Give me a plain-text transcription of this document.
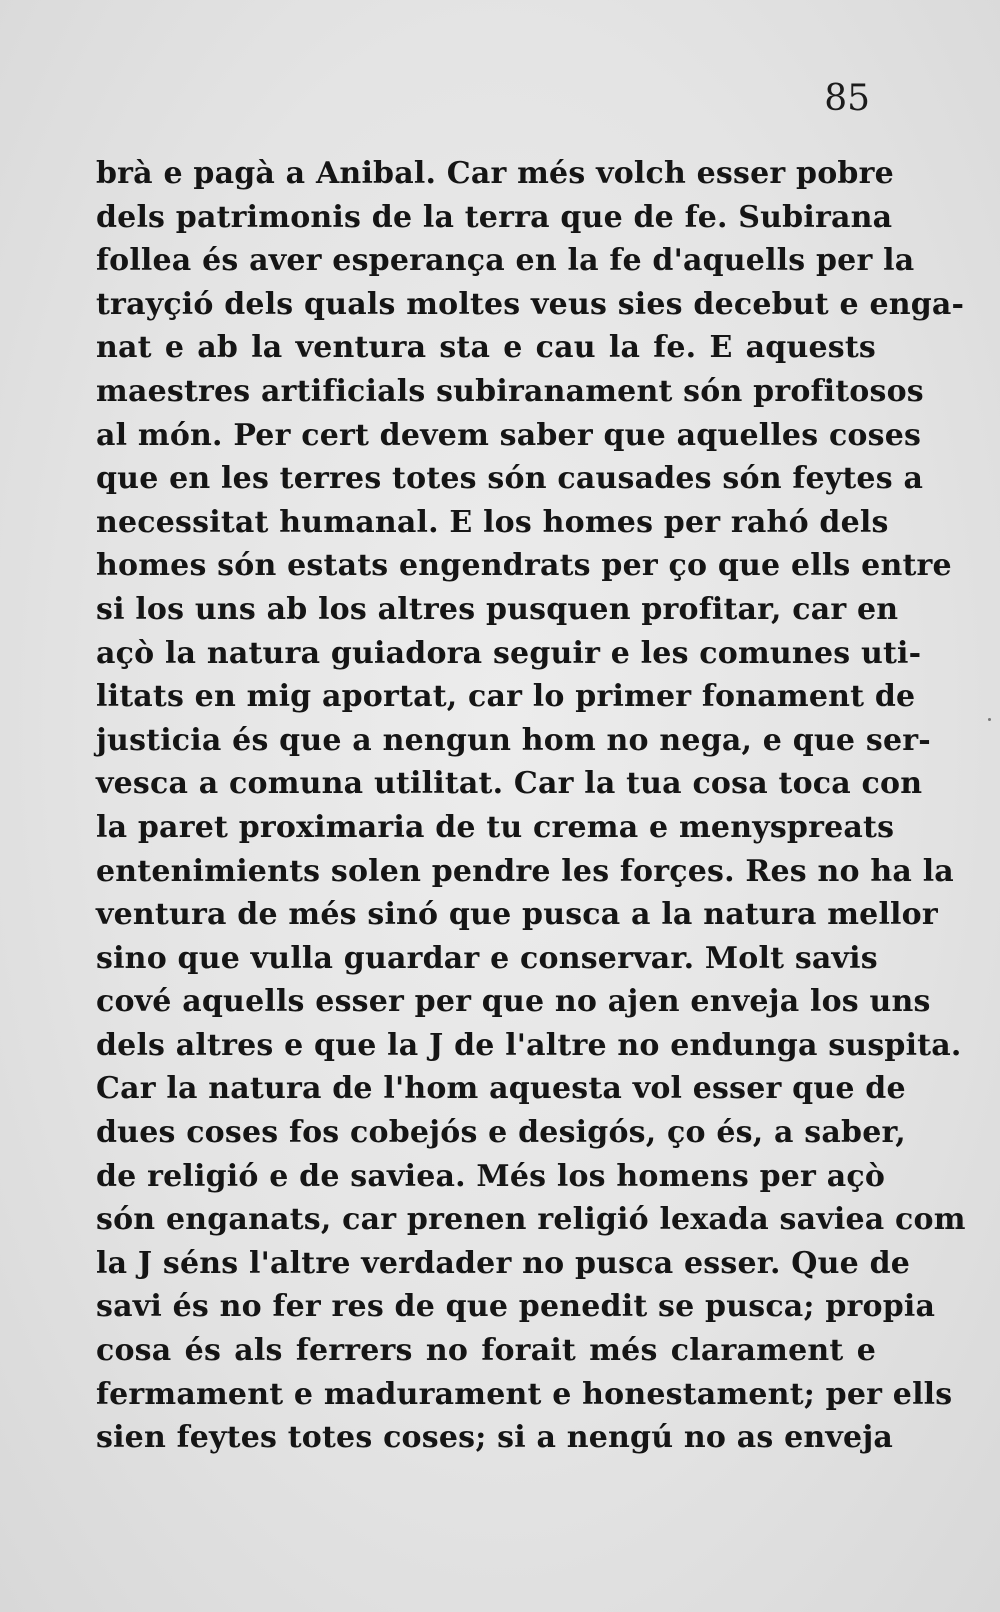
85
brà e pagà a Anibal. Car més volch esser pobre
dels patrimonis de la terra que de fe. Subirana
follea és aver esperança en la fe d'aquells per la
trayçió dels quals moltes veus sies decebut e enga-
nat e ab la ventura sta e cau la fe. E aquests
maestres artificials subiranament són profitosos
al món. Per cert devem saber que aquelles coses
que en les terres totes són causades són feytes a
necessitat humanal. E los homes per rahó dels
homes són estats engendrats per ço que ells entre
si los uns ab los altres pusquen profitar, car en
açò la natura guiadora seguir e les comunes uti-
litats en mig aportat, car lo primer fonament de
justicia és que a nengun hom no nega, e que ser-
vesca a comuna utilitat. Car la tua cosa toca con
la paret proximaria de tu crema e menyspreats
entenimients solen pendre les forçes. Res no ha la
ventura de més sinó que pusca a la natura mellor
sino que vulla guardar e conservar. Molt savis
cové aquells esser per que no ajen enveja los uns
dels altres e que la J de l'altre no endunga suspita.
Car la natura de l'hom aquesta vol esser que de
dues coses fos cobejós e desigós, ço és, a saber,
de religió e de saviea. Més los homens per açò
són enganats, car prenen religió lexada saviea com
la J séns l'altre verdader no pusca esser. Que de
savi és no fer res de que penedit se pusca; propia
cosa és als ferrers no forait més clarament e
fermament e madurament e honestament; per ells
sien feytes totes coses; si a nengú no as enveja
